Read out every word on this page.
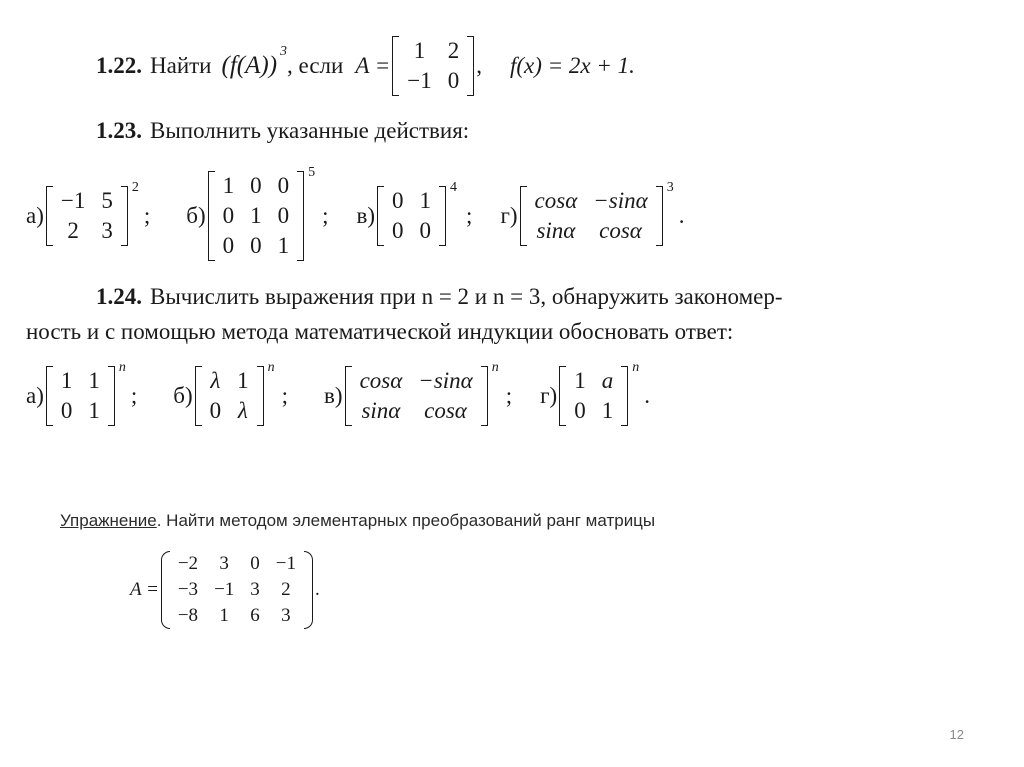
1.22. Найти (f(A))
3
, если A =
1	2
−1	0
, f(x) = 2x + 1.
1.23. Выполнить указанные действия:
а)
−1	5
2	3
2
; б)
1	0	0
0	1	0
0	0	1
5
; в)
0	1
0	0
4
; г)
cosα	−sinα
sinα	cosα
3
.
1.24. Вычислить выражения при n = 2 и n = 3, обнаружить закономер-
ность и с помощью метода математической индукции обосновать ответ:
а)
1	1
0	1
n
; б)
λ	1
0	λ
n
; в)
cosα	−sinα
sinα	cosα
n
; г)
1	a
0	1
n
.
Упражнение . Найти методом элементарных преобразований ранг матрицы
A =
−2	3	0	−1
−3	−1	3	2
−8	1	6	3
.
12
